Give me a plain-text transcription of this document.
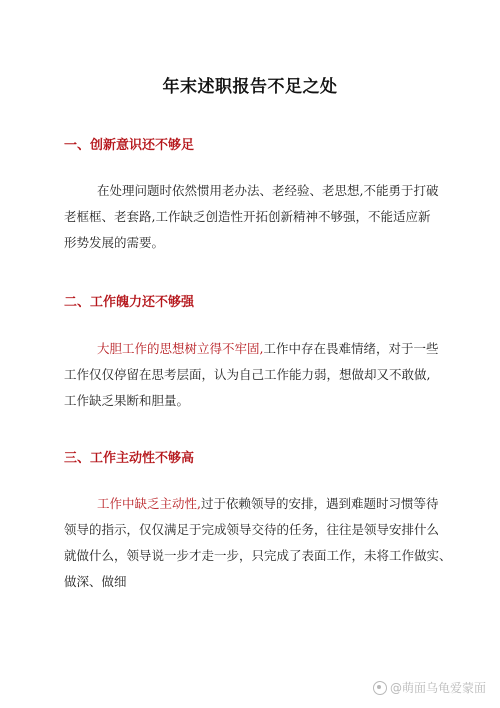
年末述职报告不足之处
一、创新意识还不够足
在处理问题时依然惯用老办法、老经验、老思想,不能勇于打破
老框框、老套路,工作缺乏创造性开拓创新精神不够强，不能适应新
形势发展的需要。
二、工作魄力还不够强
大胆工作的思想树立得不牢固,工作中存在畏难情绪，对于一些
工作仅仅停留在思考层面，认为自己工作能力弱，想做却又不敢做,
工作缺乏果断和胆量。
三、工作主动性不够高
工作中缺乏主动性,过于依赖领导的安排，遇到难题时习惯等待
领导的指示，仅仅满足于完成领导交待的任务，往往是领导安排什么
就做什么，领导说一步才走一步，只完成了表面工作，未将工作做实、
做深、做细
@萌面乌龟爱蒙面
